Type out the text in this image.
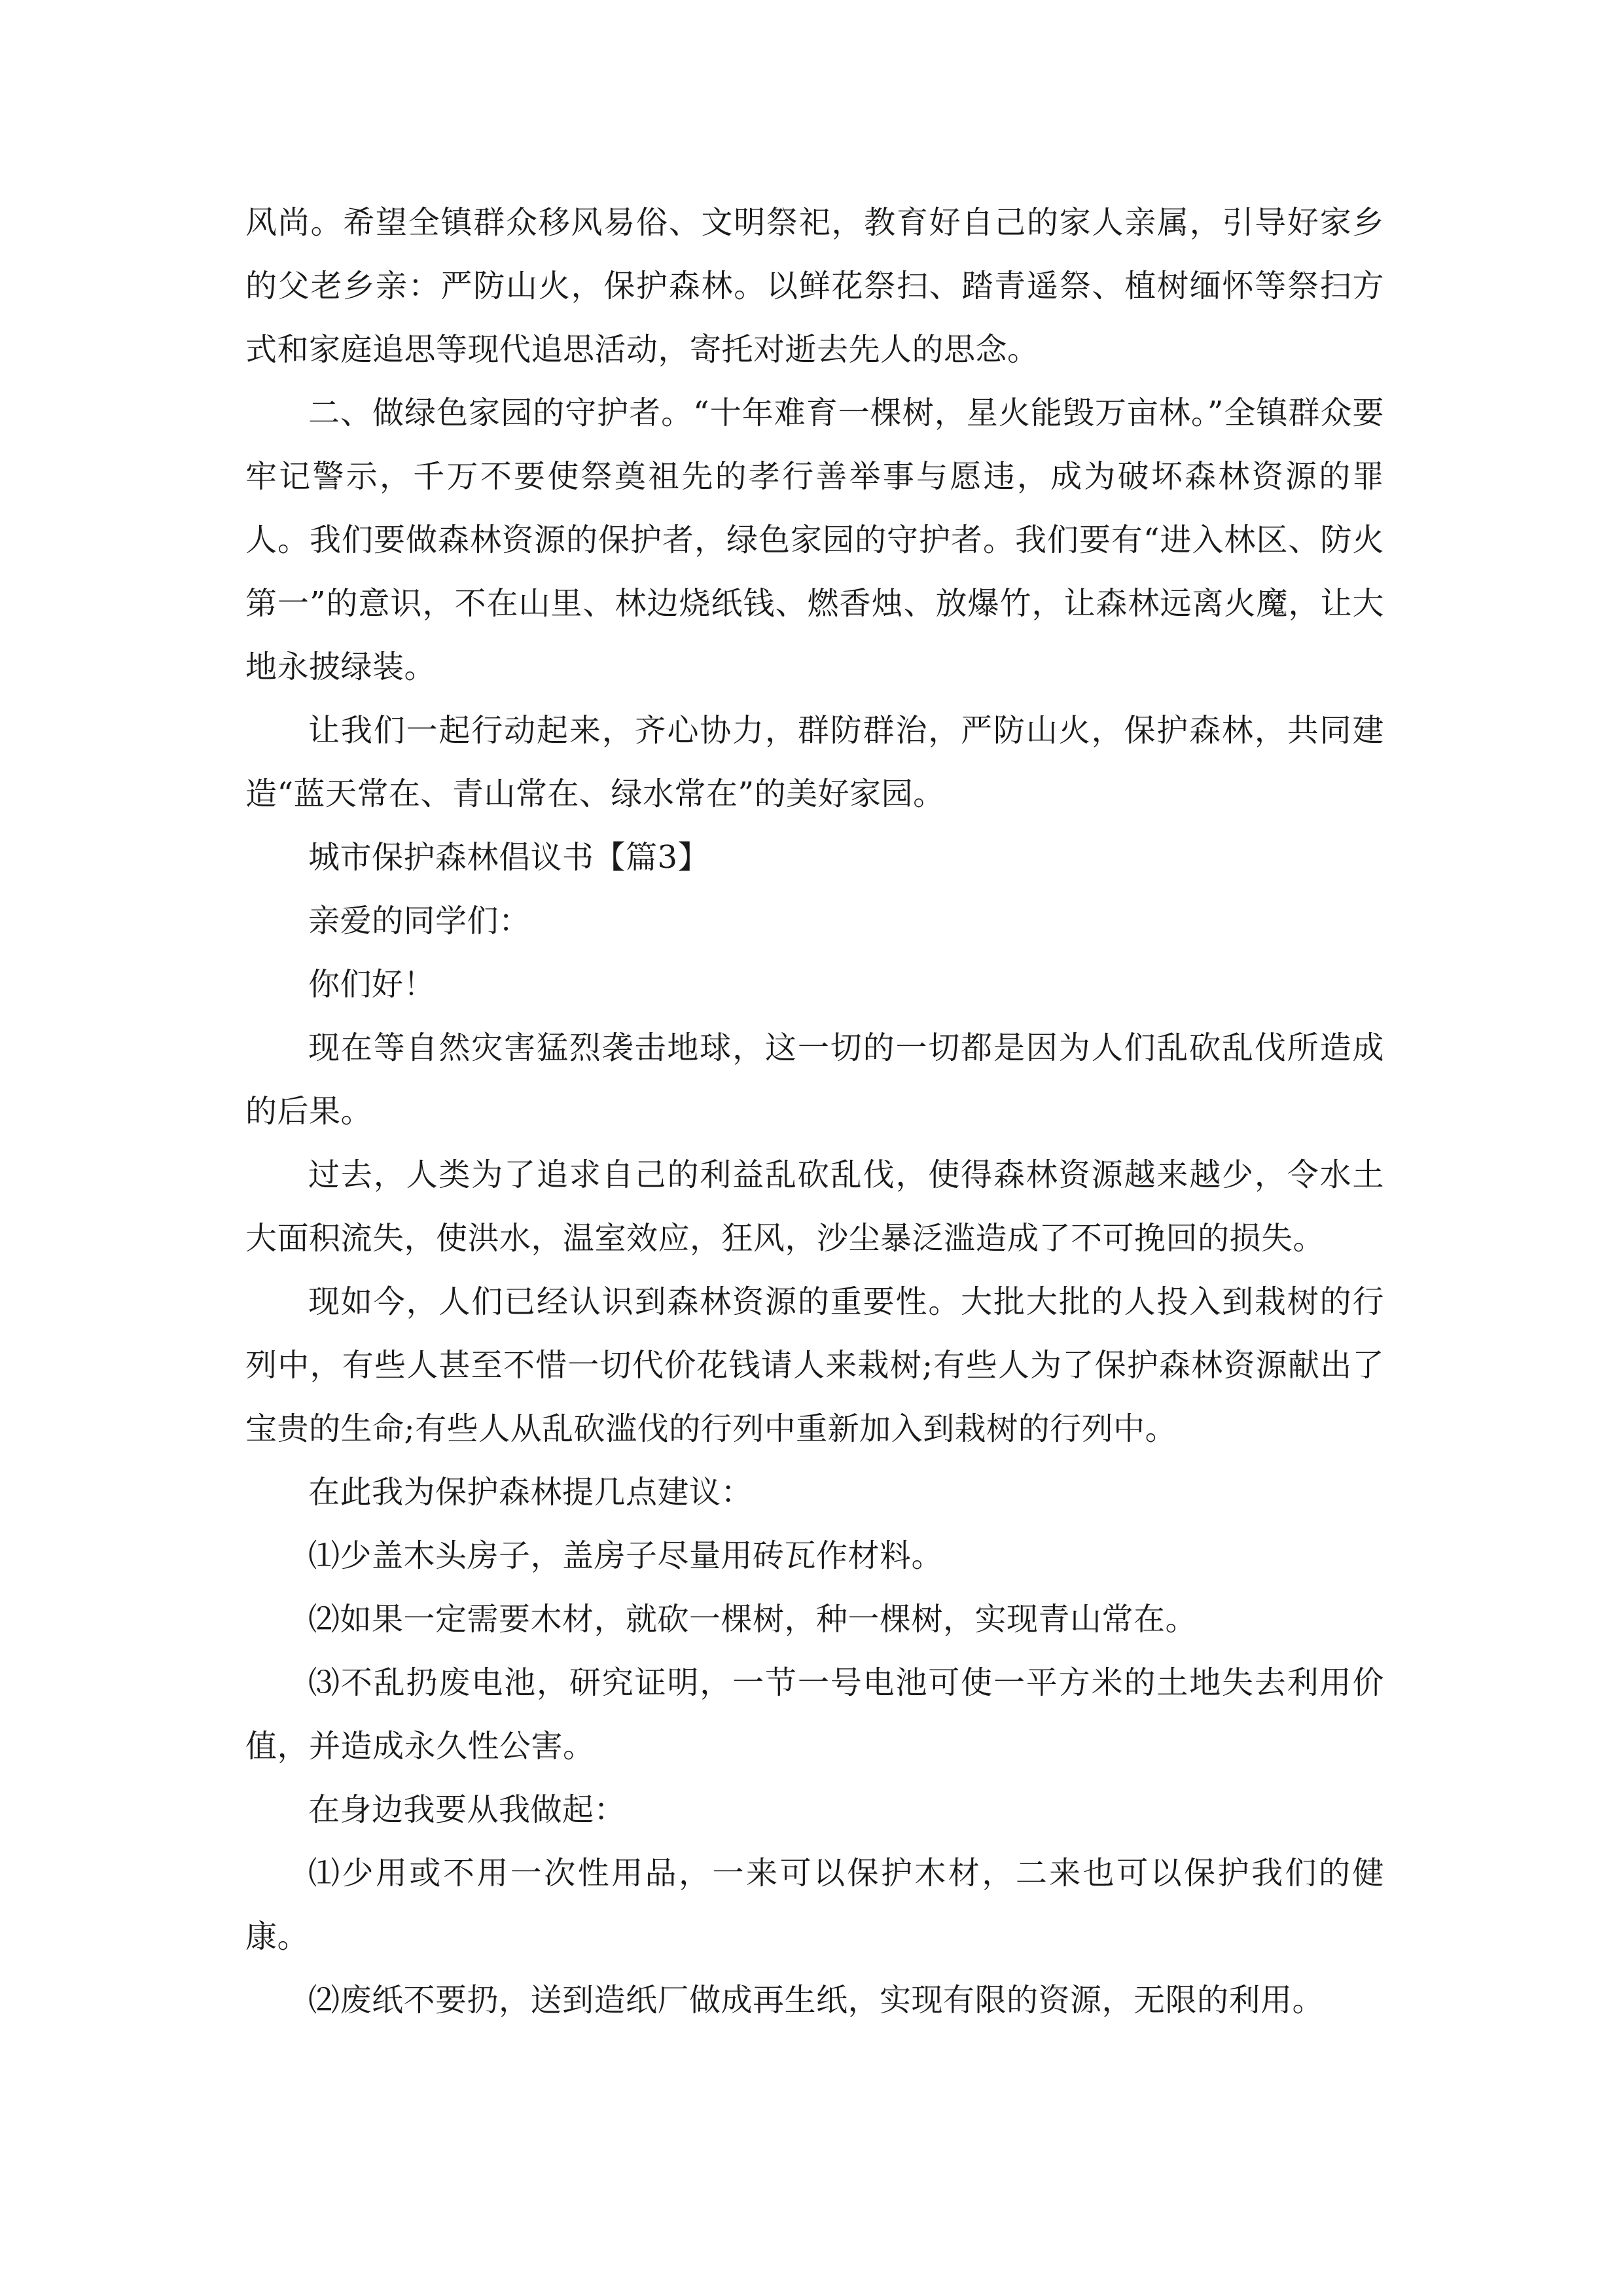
风尚。希望全镇群众移风易俗、文明祭祀，教育好自己的家人亲属，引导好家乡的父老乡亲：严防山火，保护森林。以鲜花祭扫、踏青遥祭、植树缅怀等祭扫方式和家庭追思等现代追思活动，寄托对逝去先人的思念。

二、做绿色家园的守护者。“十年难育一棵树，星火能毁万亩林。”全镇群众要牢记警示，千万不要使祭奠祖先的孝行善举事与愿违，成为破坏森林资源的罪人。我们要做森林资源的保护者，绿色家园的守护者。我们要有“进入林区、防火第一”的意识，不在山里、林边烧纸钱、燃香烛、放爆竹，让森林远离火魔，让大地永披绿装。

让我们一起行动起来，齐心协力，群防群治，严防山火，保护森林，共同建造“蓝天常在、青山常在、绿水常在”的美好家园。

城市保护森林倡议书【篇3】

亲爱的同学们：

你们好！

现在等自然灾害猛烈袭击地球，这一切的一切都是因为人们乱砍乱伐所造成的后果。

过去，人类为了追求自己的利益乱砍乱伐，使得森林资源越来越少，令水土大面积流失，使洪水，温室效应，狂风，沙尘暴泛滥造成了不可挽回的损失。

现如今，人们已经认识到森林资源的重要性。大批大批的人投入到栽树的行列中，有些人甚至不惜一切代价花钱请人来栽树;有些人为了保护森林资源献出了宝贵的生命;有些人从乱砍滥伐的行列中重新加入到栽树的行列中。

在此我为保护森林提几点建议：

⑴少盖木头房子，盖房子尽量用砖瓦作材料。

⑵如果一定需要木材，就砍一棵树，种一棵树，实现青山常在。

⑶不乱扔废电池，研究证明，一节一号电池可使一平方米的土地失去利用价值，并造成永久性公害。

在身边我要从我做起：

⑴少用或不用一次性用品，一来可以保护木材，二来也可以保护我们的健康。

⑵废纸不要扔，送到造纸厂做成再生纸，实现有限的资源，无限的利用。
